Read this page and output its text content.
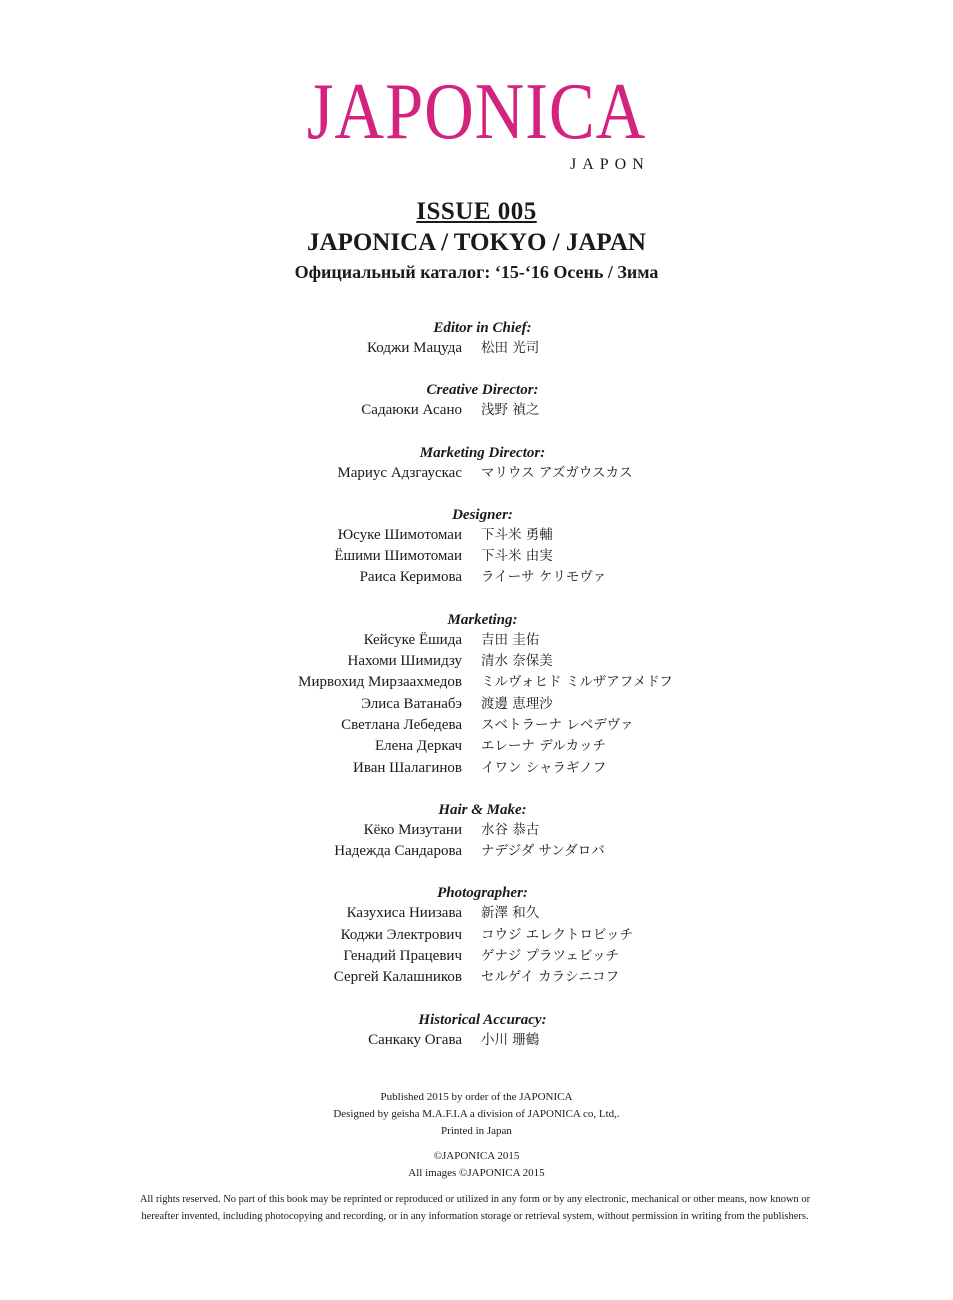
JAPONICA
JAPON
ISSUE 005
JAPONICA / TOKYO / JAPAN
Официальный каталог: ‘15-‘16 Осень / Зима
Editor in Chief:
Коджи Мацуда 松田 光司
Creative Director:
Садаюки Асано 浅野 禎之
Marketing Director:
Мариус Адзгаускас マリウス アズガウスカス
Designer:
Юсуке Шимотомаи 下斗米 勇輔
Ёшими Шимотомаи 下斗米 由実
Раиса Керимова ライーサ ケリモヴァ
Marketing:
Кейсуке Ёшида 吉田 圭佑
Нахоми Шимидзу 清水 奈保美
Мирвохид Мирзаахмедов ミルヴォヒド ミルザアフメドフ
Элиса Ватанабэ 渡邊 恵理沙
Светлана Лебедева スベトラーナ レベデヴァ
Елена Деркач エレーナ デルカッチ
Иван Шалагинов イワン シャラギノフ
Hair & Make:
Кёко Мизутани 水谷 恭古
Надежда Сандарова ナデジダ サンダロバ
Photographer:
Казухиса Ниизава 新澤 和久
Коджи Электрович コウジ エレクトロビッチ
Генадий Працевич ゲナジ プラツェビッチ
Сергей Калашников セルゲイ カラシニコフ
Historical Accuracy:
Санкаку Огава 小川 珊鶴
Published 2015 by order of the JAPONICA
Designed by geisha M.A.F.I.A a division of JAPONICA co, Ltd,.
Printed in Japan
©JAPONICA 2015
All images ©JAPONICA 2015
All rights reserved. No part of this book may be reprinted or reproduced or utilized in any form or by any electronic, mechanical or other means, now known or
hereafter invented, including photocopying and recording, or in any information storage or retrieval system, without permission in writing from the publishers.
